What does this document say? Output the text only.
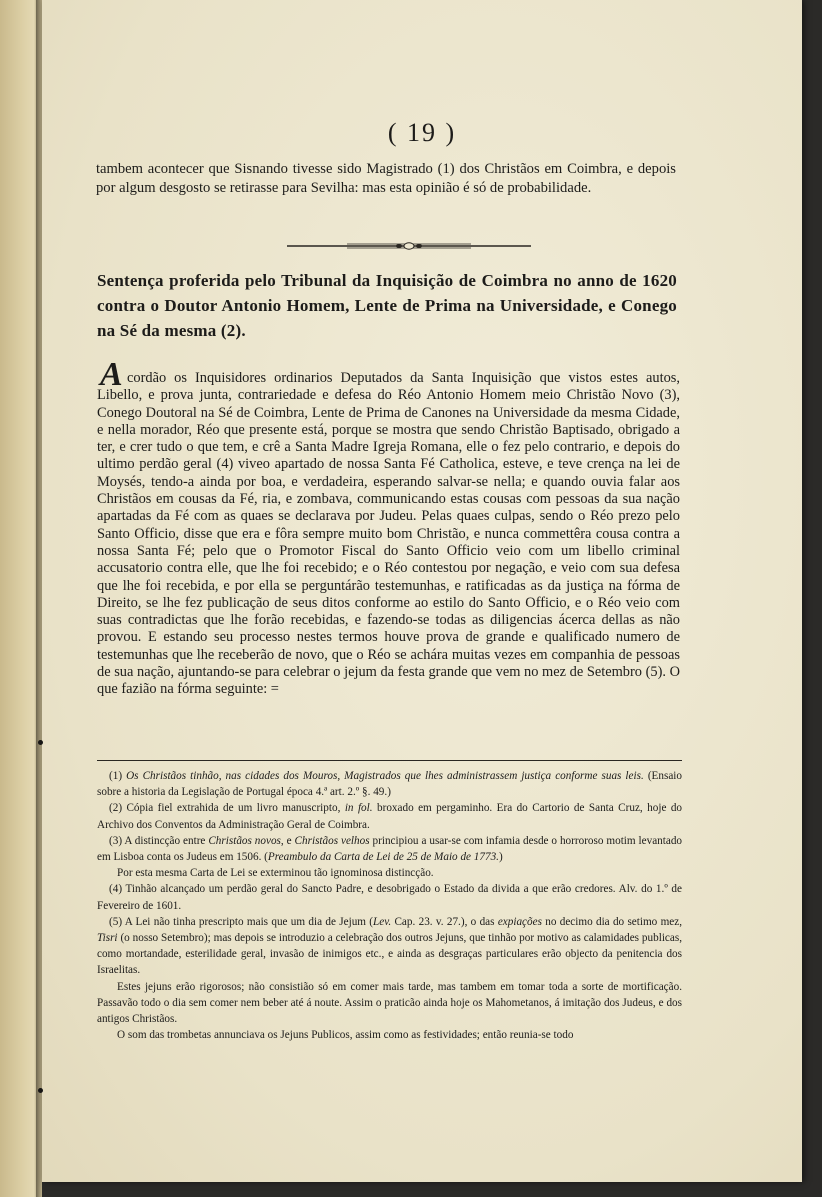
( 19 )
tambem acontecer que Sisnando tivesse sido Magistrado (1) dos Christãos em Coimbra, e depois por algum desgosto se retirasse para Sevilha: mas esta opinião é só de probabilidade.
Sentença proferida pelo Tribunal da Inquisição de Coimbra no anno de 1620 contra o Doutor Antonio Homem, Lente de Prima na Universidade, e Conego na Sé da mesma (2).
A cordão os Inquisidores ordinarios Deputados da Santa Inquisição que vistos estes autos, Libello, e prova junta, contrariedade e defesa do Réo Antonio Homem meio Christão Novo (3), Conego Doutoral na Sé de Coimbra, Lente de Prima de Canones na Universidade da mesma Cidade, e nella morador, Réo que presente está, porque se mostra que sendo Christão Baptisado, obrigado a ter, e crer tudo o que tem, e crê a Santa Madre Igreja Romana, elle o fez pelo contrario, e depois do ultimo perdão geral (4) viveo apartado de nossa Santa Fé Catholica, esteve, e teve crença na lei de Moysés, tendo-a ainda por boa, e verdadeira, esperando salvar-se nella; e quando ouvia falar aos Christãos em cousas da Fé, ria, e zombava, communicando estas cousas com pessoas da sua nação apartadas da Fé com as quaes se declarava por Judeu. Pelas quaes culpas, sendo o Réo prezo pelo Santo Officio, disse que era e fôra sempre muito bom Christão, e nunca commettêra cousa contra a nossa Santa Fé; pelo que o Promotor Fiscal do Santo Officio veio com um libello criminal accusatorio contra elle, que lhe foi recebido; e o Réo contestou por negação, e veio com sua defesa que lhe foi recebida, e por ella se perguntárão testemunhas, e ratificadas as da justiça na fórma de Direito, se lhe fez publicação de seus ditos conforme ao estilo do Santo Officio, e o Réo veio com suas contradictas que lhe forão recebidas, e fazendo-se todas as diligencias ácerca dellas as não provou. E estando seu processo nestes termos houve prova de grande e qualificado numero de testemunhas que lhe receberão de novo, que o Réo se achára muitas vezes em companhia de pessoas de sua nação, ajuntando-se para celebrar o jejum da festa grande que vem no mez de Setembro (5). O que fazião na fórma seguinte: =

(1) Os Christãos tinhão, nas cidades dos Mouros, Magistrados que lhes administrassem justiça conforme suas leis. (Ensaio sobre a historia da Legislação de Portugal época 4.ª art. 2.º §. 49.)

(2) Cópia fiel extrahida de um livro manuscripto, in fol. broxado em pergaminho. Era do Cartorio de Santa Cruz, hoje do Archivo dos Conventos da Administração Geral de Coimbra.

(3) A distincção entre Christãos novos, e Christãos velhos principiou a usar-se com infamia desde o horroroso motim levantado em Lisboa conta os Judeus em 1506. (Preambulo da Carta de Lei de 25 de Maio de 1773.)

Por esta mesma Carta de Lei se exterminou tão ignominosa distincção.

(4) Tinhão alcançado um perdão geral do Sancto Padre, e desobrigado o Estado da divida a que erão credores. Alv. do 1.º de Fevereiro de 1601.

(5) A Lei não tinha prescripto mais que um dia de Jejum (Lev. Cap. 23. v. 27.), o das expiações no decimo dia do setimo mez, Tisri (o nosso Setembro); mas depois se introduzio a celebração dos outros Jejuns, que tinhão por motivo as calamidades publicas, como mortandade, esterilidade geral, invasão de inimigos etc., e ainda as desgraças particulares erão objecto da penitencia dos Israelitas.

Estes jejuns erão rigorosos; não consistião só em comer mais tarde, mas tambem em tomar toda a sorte de mortificação. Passavão todo o dia sem comer nem beber até á noute. Assim o praticão ainda hoje os Mahometanos, á imitação dos Judeus, e dos antigos Christãos.

O som das trombetas annunciava os Jejuns Publicos, assim como as festividades; então reunia-se todo
